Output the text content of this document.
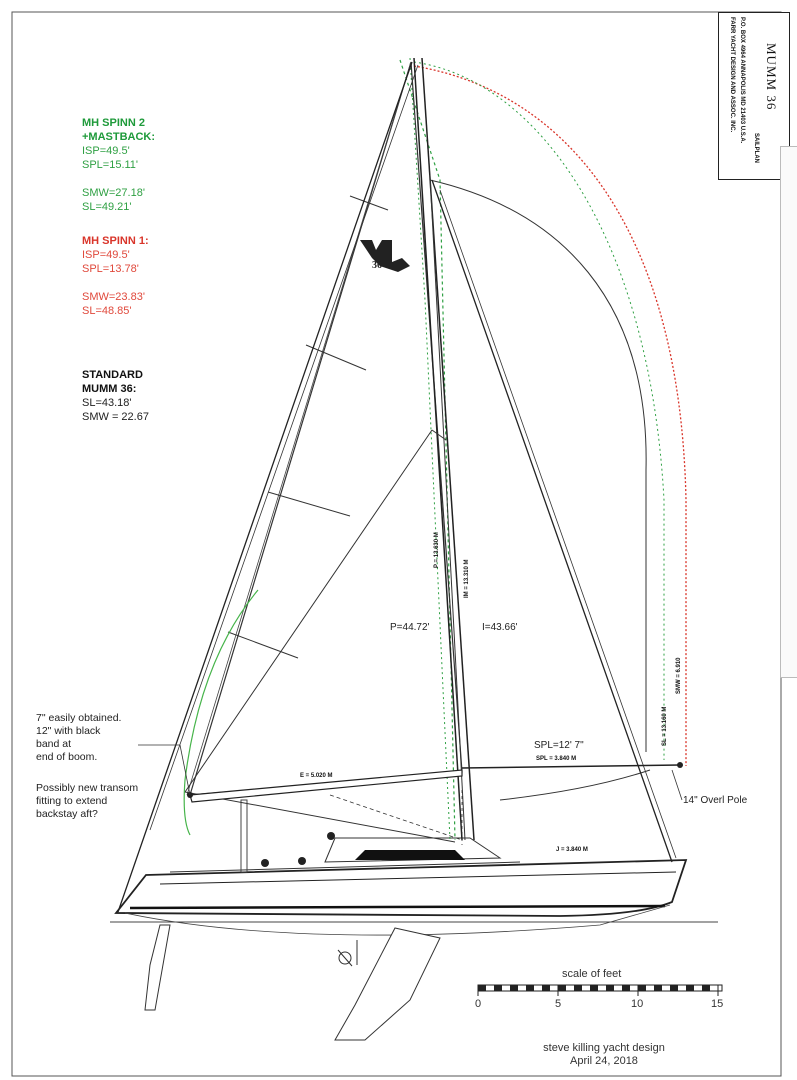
36
MH SPINN 2
+MASTBACK:
ISP=49.5'
SPL=15.11'
SMW=27.18'
SL=49.21'
MH SPINN 1:
ISP=49.5'
SPL=13.78'
SMW=23.83'
SL=48.85'
STANDARD
MUMM 36:
SL=43.18'
SMW = 22.67
7" easily obtained.
12" with black
band at
end of boom.
Possibly new transom
fitting to extend
backstay aft?
P=44.72'	I=43.66'
SPL=12' 7"
14" Overl Pole
E = 5.020 M
J = 3.840 M
P = 13.630 M
IM = 13.310 M
SPL = 3.840 M
SL = 13.160 M
SMW = 6.910
scale of feet
0	5	10	15
steve killing yacht design
April 24, 2018
FARR YACHT DESIGN AND ASSOC. INC. P.O. BOX 4964 ANNAPOLIS MD 21403 U.S.A. MUMM 36
SAILPLAN
